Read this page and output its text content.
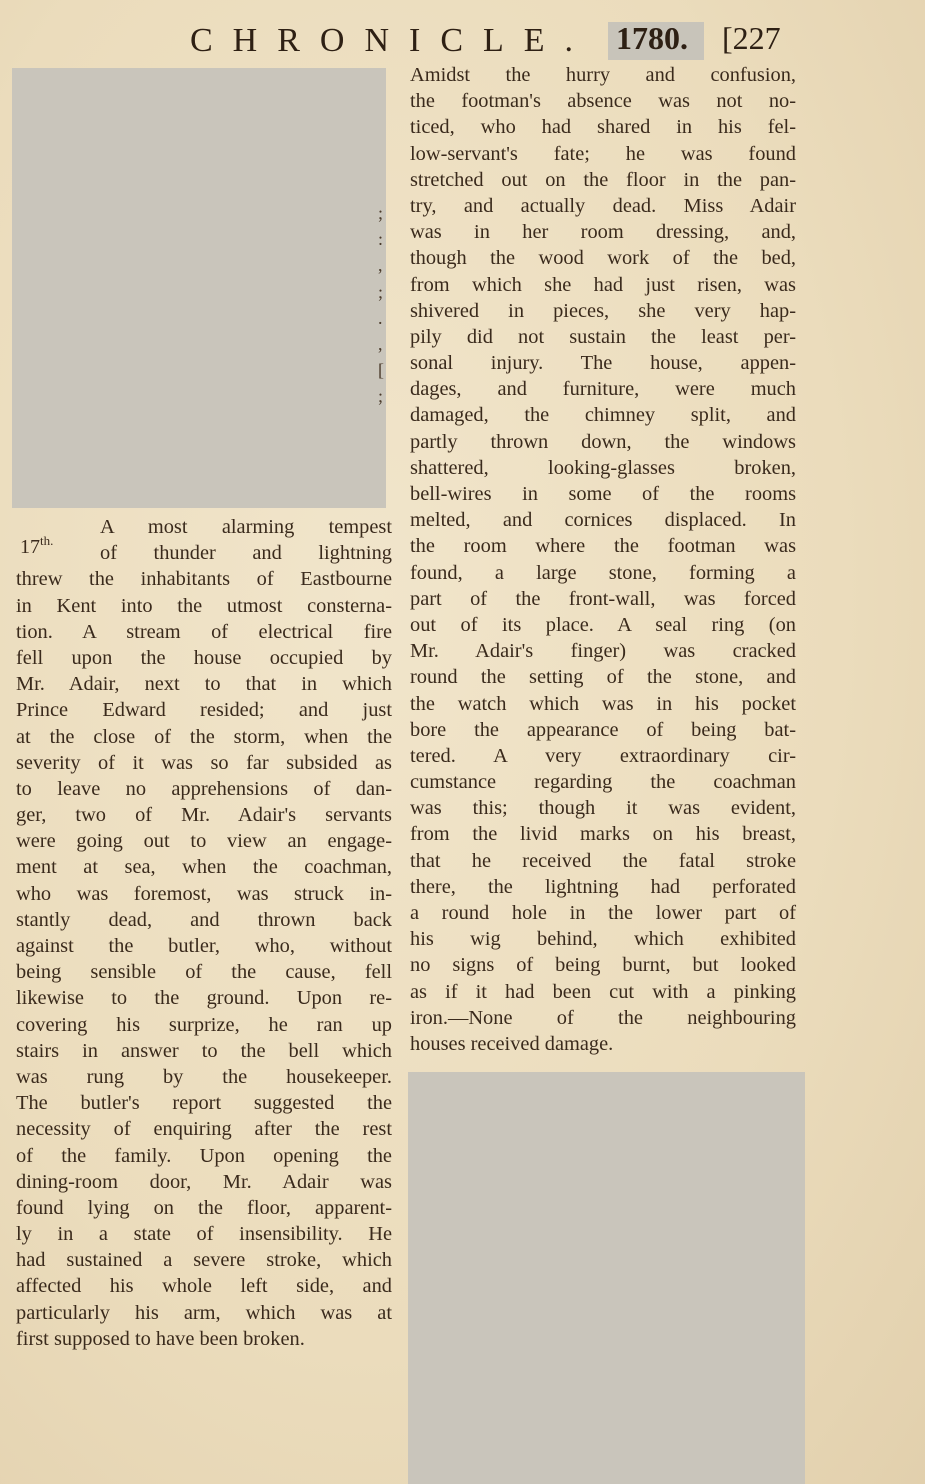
CHRONICLE. 1780. [227
;
:
,
;
.
,
[
;
$17^{th.}$
A most alarming tempest
of thunder and lightning
threw the inhabitants of Eastbourne
in Kent into the utmost consterna-
tion. A stream of electrical fire
fell upon the house occupied by
Mr. Adair, next to that in which
Prince Edward resided; and just
at the close of the storm, when the
severity of it was so far subsided as
to leave no apprehensions of dan-
ger, two of Mr. Adair's servants
were going out to view an engage-
ment at sea, when the coachman,
who was foremost, was struck in-
stantly dead, and thrown back
against the butler, who, without
being sensible of the cause, fell
likewise to the ground. Upon re-
covering his surprize, he ran up
stairs in answer to the bell which
was rung by the housekeeper.
The butler's report suggested the
necessity of enquiring after the rest
of the family. Upon opening the
dining-room door, Mr. Adair was
found lying on the floor, apparent-
ly in a state of insensibility. He
had sustained a severe stroke, which
affected his whole left side, and
particularly his arm, which was at
first supposed to have been broken.
Amidst the hurry and confusion,
the footman's absence was not no-
ticed, who had shared in his fel-
low-servant's fate; he was found
stretched out on the floor in the pan-
try, and actually dead. Miss Adair
was in her room dressing, and,
though the wood work of the bed,
from which she had just risen, was
shivered in pieces, she very hap-
pily did not sustain the least per-
sonal injury. The house, appen-
dages, and furniture, were much
damaged, the chimney split, and
partly thrown down, the windows
shattered, looking-glasses broken,
bell-wires in some of the rooms
melted, and cornices displaced. In
the room where the footman was
found, a large stone, forming a
part of the front-wall, was forced
out of its place. A seal ring (on
Mr. Adair's finger) was cracked
round the setting of the stone, and
the watch which was in his pocket
bore the appearance of being bat-
tered. A very extraordinary cir-
cumstance regarding the coachman
was this; though it was evident,
from the livid marks on his breast,
that he received the fatal stroke
there, the lightning had perforated
a round hole in the lower part of
his wig behind, which exhibited
no signs of being burnt, but looked
as if it had been cut with a pinking
iron.—None of the neighbouring
houses received damage.
